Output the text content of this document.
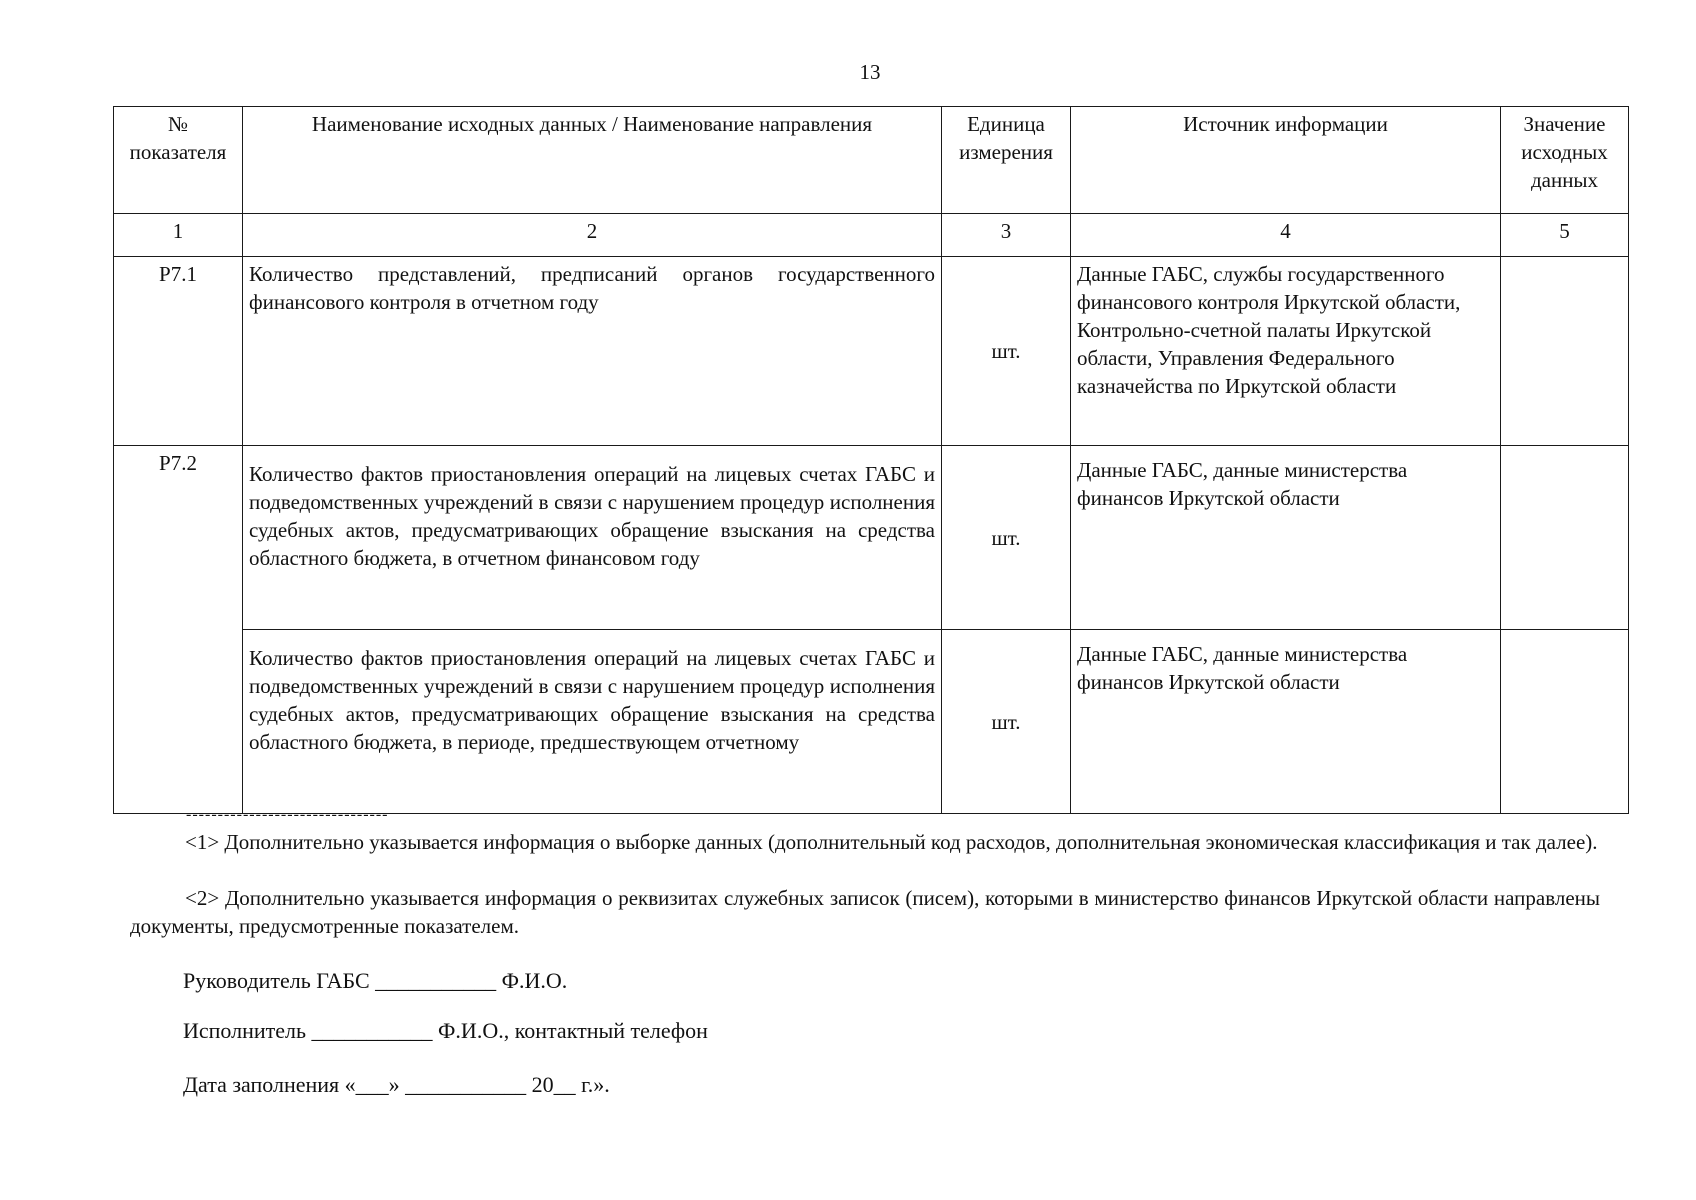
13
№ показателя	Наименование исходных данных / Наименование направления	Единица измерения	Источник информации	Значение исходных данных
1	2	3	4	5
P7.1	Количество представлений, предписаний органов государственного финансового контроля в отчетном году	шт.	Данные ГАБС, службы государственного финансового контроля Иркутской области, Контрольно-счетной палаты Иркутской области, Управления Федерального казначейства по Иркутской области	
P7.2	Количество фактов приостановления операций на лицевых счетах ГАБС и подведомственных учреждений в связи с нарушением процедур исполнения судебных актов, предусматривающих обращение взыскания на средства областного бюджета, в отчетном финансовом году	шт.	Данные ГАБС, данные министерства финансов Иркутской области	
	Количество фактов приостановления операций на лицевых счетах ГАБС и подведомственных учреждений в связи с нарушением процедур исполнения судебных актов, предусматривающих обращение взыскания на средства областного бюджета, в периоде, предшествующем отчетному	шт.	Данные ГАБС, данные министерства финансов Иркутской области	
--------------------------------
<1> Дополнительно указывается информация о выборке данных (дополнительный код расходов, дополнительная экономическая классификация и так далее).
<2> Дополнительно указывается информация о реквизитах служебных записок (писем), которыми в министерство финансов Иркутской области направлены документы, предусмотренные показателем.
Руководитель ГАБС ___________ Ф.И.О.
Исполнитель ___________ Ф.И.О., контактный телефон
Дата заполнения «___» ___________ 20__ г.».
